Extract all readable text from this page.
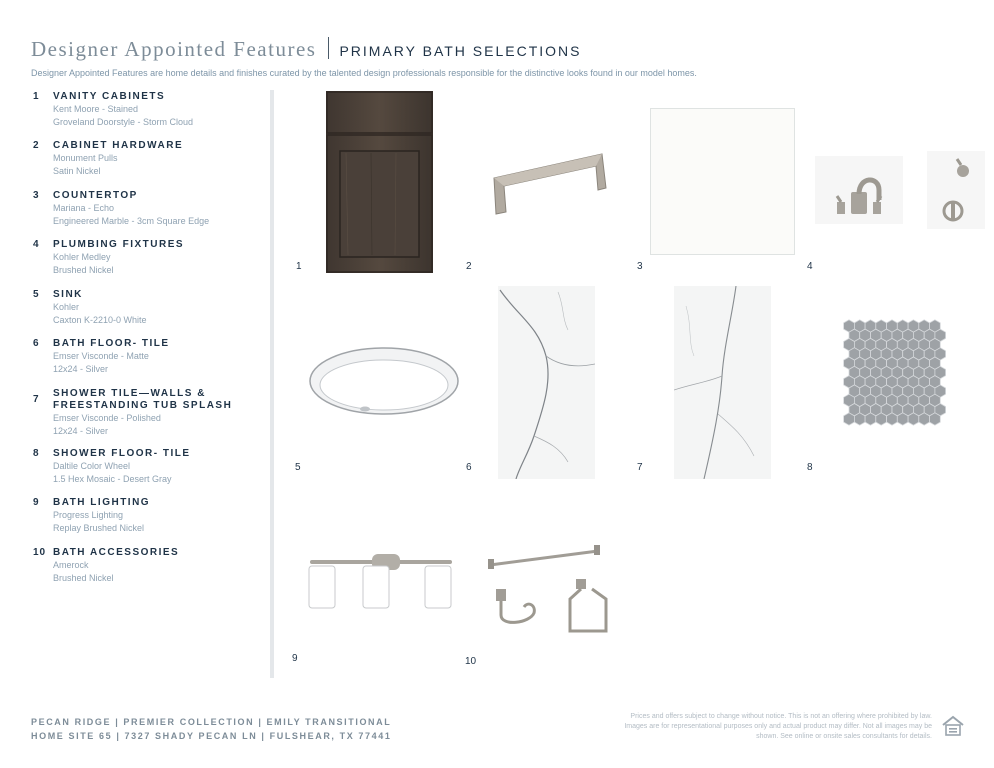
Designer Appointed Features PRIMARY BATH SELECTIONS
Designer Appointed Features are home details and finishes curated by the talented design professionals responsible for the distinctive looks found in our model homes.
1	VANITY CABINETS
Kent Moore - Stained
Groveland Doorstyle - Storm Cloud
2	CABINET HARDWARE
Monument Pulls
Satin Nickel
3	COUNTERTOP
Mariana - Echo
Engineered Marble - 3cm Square Edge
4	PLUMBING FIXTURES
Kohler Medley
Brushed Nickel
5	SINK
Kohler
Caxton K-2210-0 White
6	BATH FLOOR- TILE
Emser Visconde - Matte
12x24 - Silver
7
SHOWER TILE—WALLS &
FREESTANDING TUB SPLASH
Emser Visconde - Polished
12x24 - Silver
8	SHOWER FLOOR- TILE
Daltile Color Wheel
1.5 Hex Mosaic - Desert Gray
9	BATH LIGHTING
Progress Lighting
Replay Brushed Nickel
10 BATH ACCESSORIES
Amerock
Brushed Nickel
1	2	3	4
5	6	7	8
9	10
PECAN RIDGE | PREMIER COLLECTION | EMILY TRANSITIONAL
HOME SITE 65 | 7327 SHADY PECAN LN | FULSHEAR, TX 77441
Prices and offers subject to change without notice. This is not an offering where prohibited by law. Images are for representational purposes only and actual product may differ. Not all images may be shown. See online or onsite sales consultants for details.
